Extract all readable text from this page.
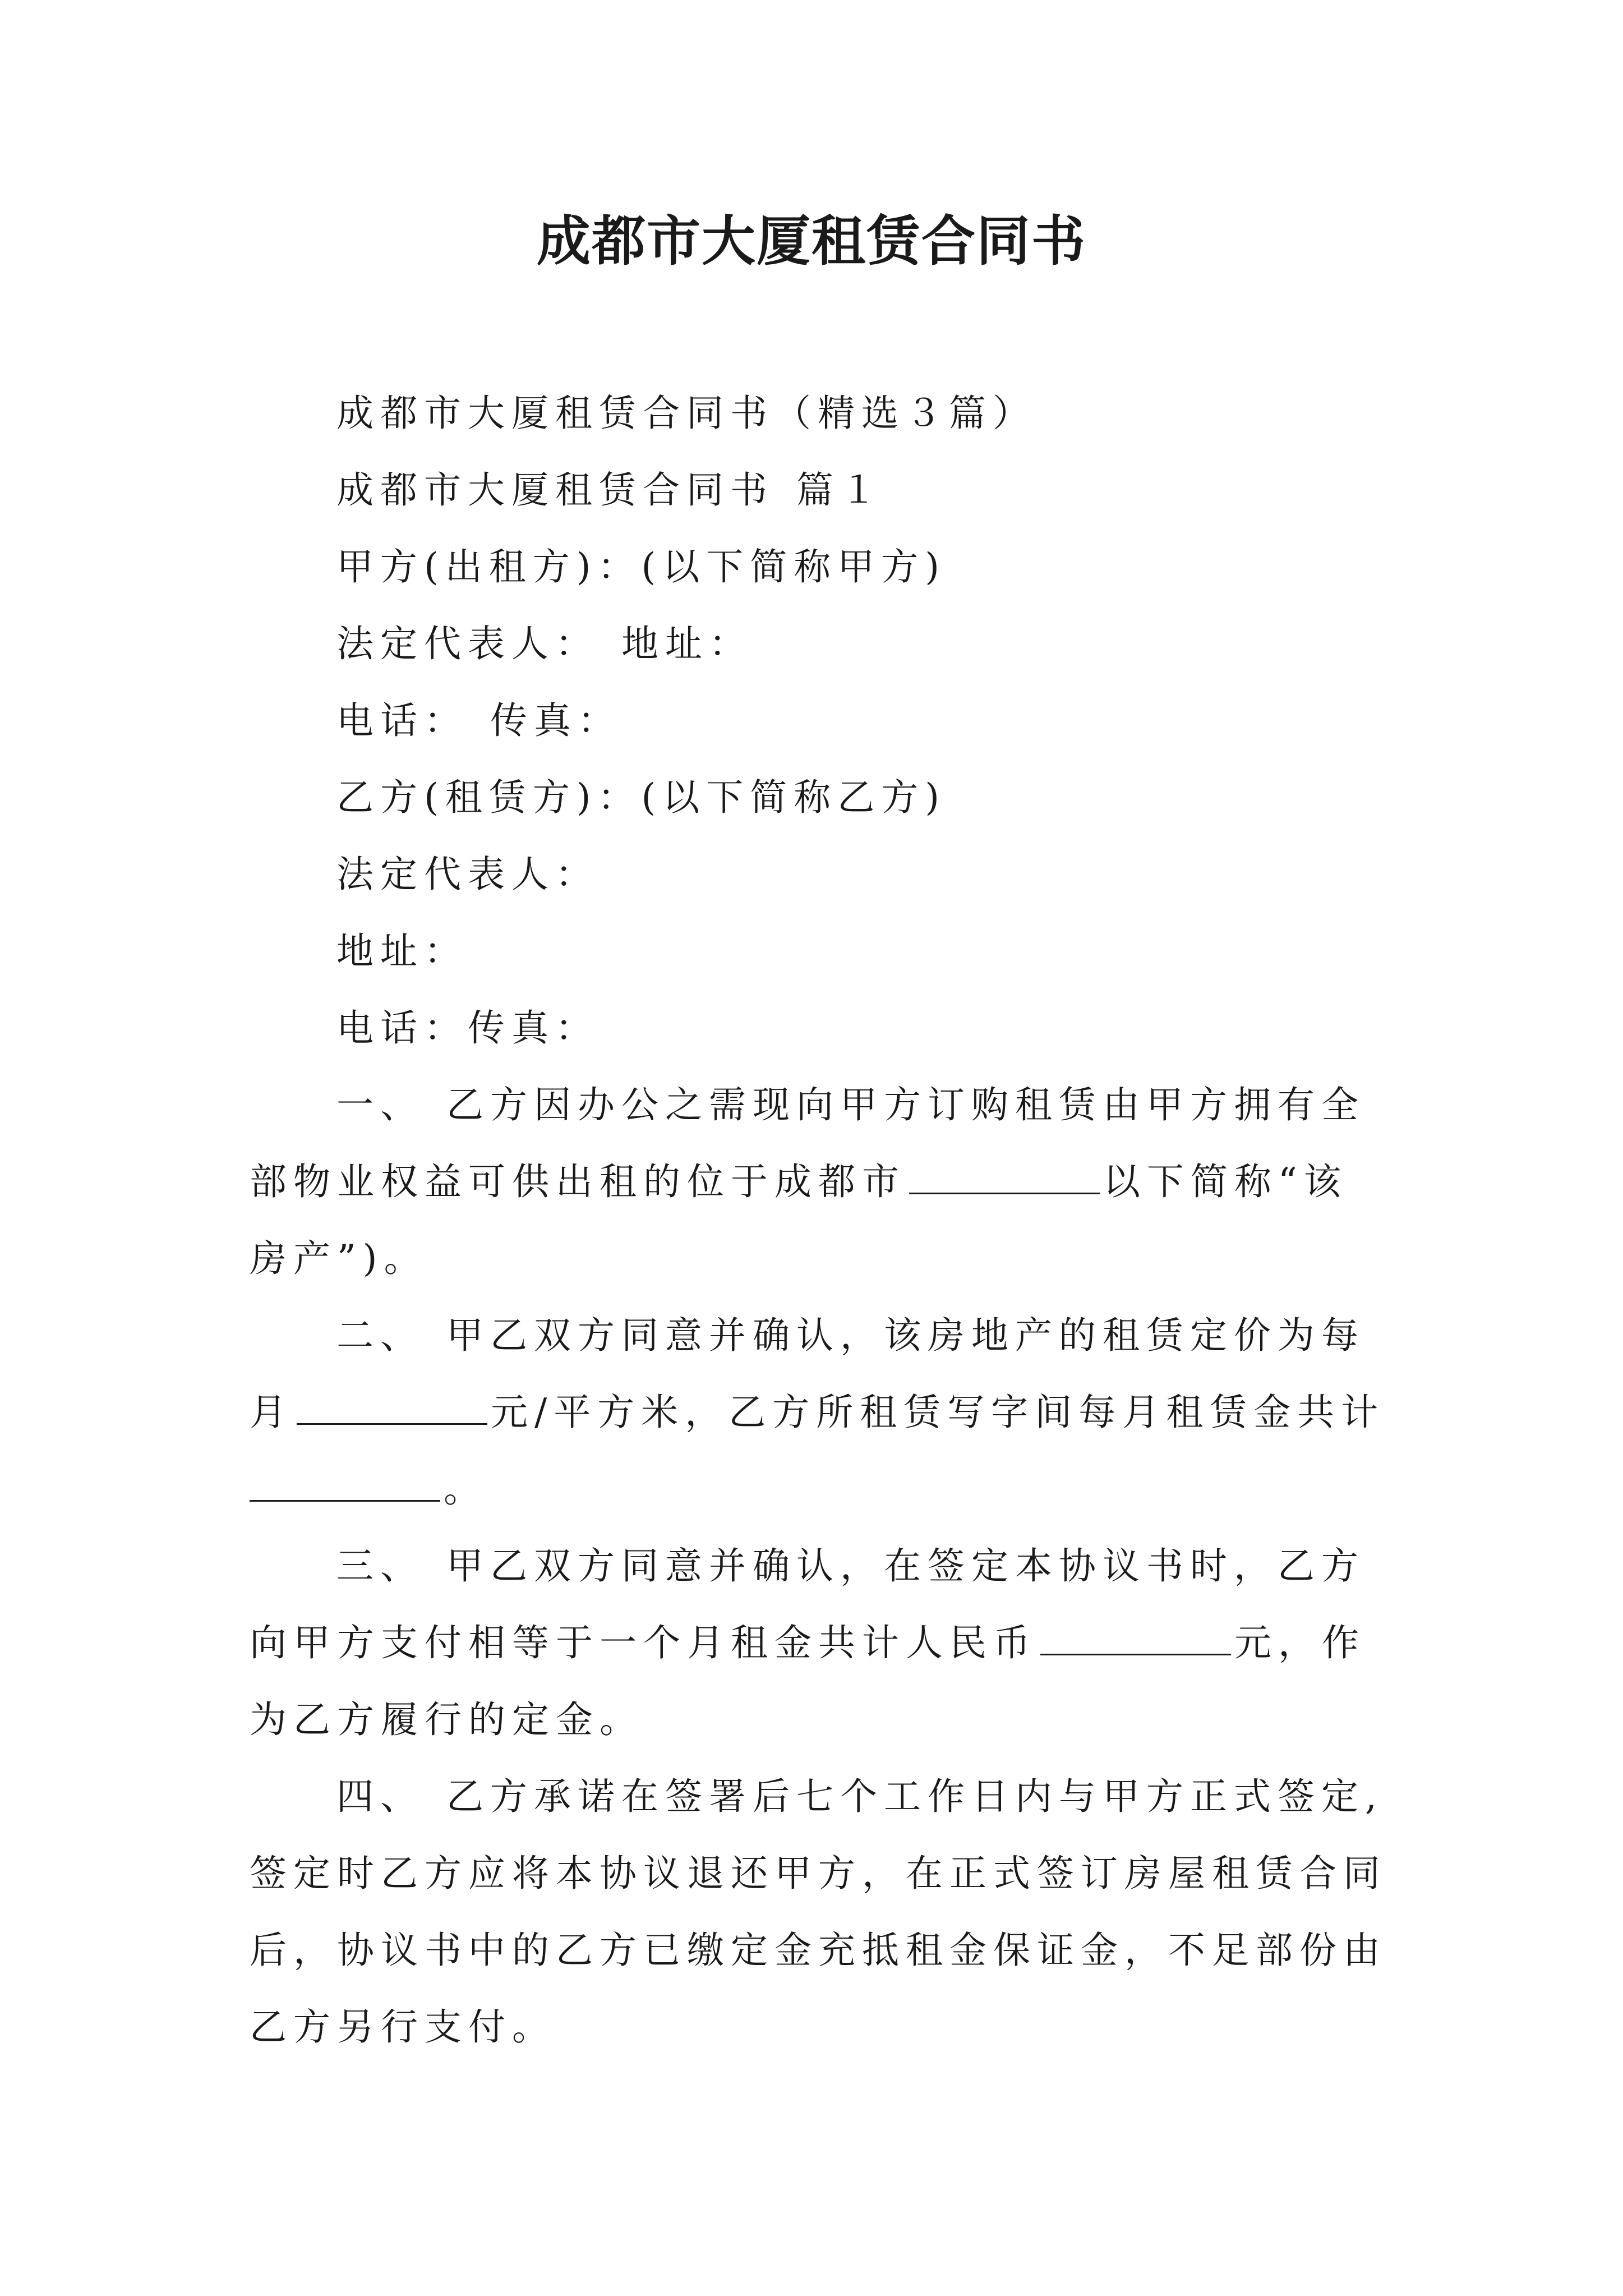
成都市大厦租赁合同书

成都市大厦租赁合同书（精选３篇）

成都市大厦租赁合同书 篇１

甲方(出租方)：(以下简称甲方)

法定代表人： 地址：

电话： 传真：

乙方(租赁方)：(以下简称乙方)

法定代表人：

地址：

电话：传真：

一、 乙方因办公之需现向甲方订购租赁由甲方拥有全

部物业权益可供出租的位于成都市	以下简称“该

房产”)。

二、 甲乙双方同意并确认，该房地产的租赁定价为每

月	元/平方米，乙方所租赁写字间每月租赁金共计

。

三、 甲乙双方同意并确认，在签定本协议书时，乙方

向甲方支付相等于一个月租金共计人民币	元，作

为乙方履行的定金。

四、 乙方承诺在签署后七个工作日内与甲方正式签定,

签定时乙方应将本协议退还甲方，在正式签订房屋租赁合同

后，协议书中的乙方已缴定金充抵租金保证金，不足部份由

乙方另行支付。
